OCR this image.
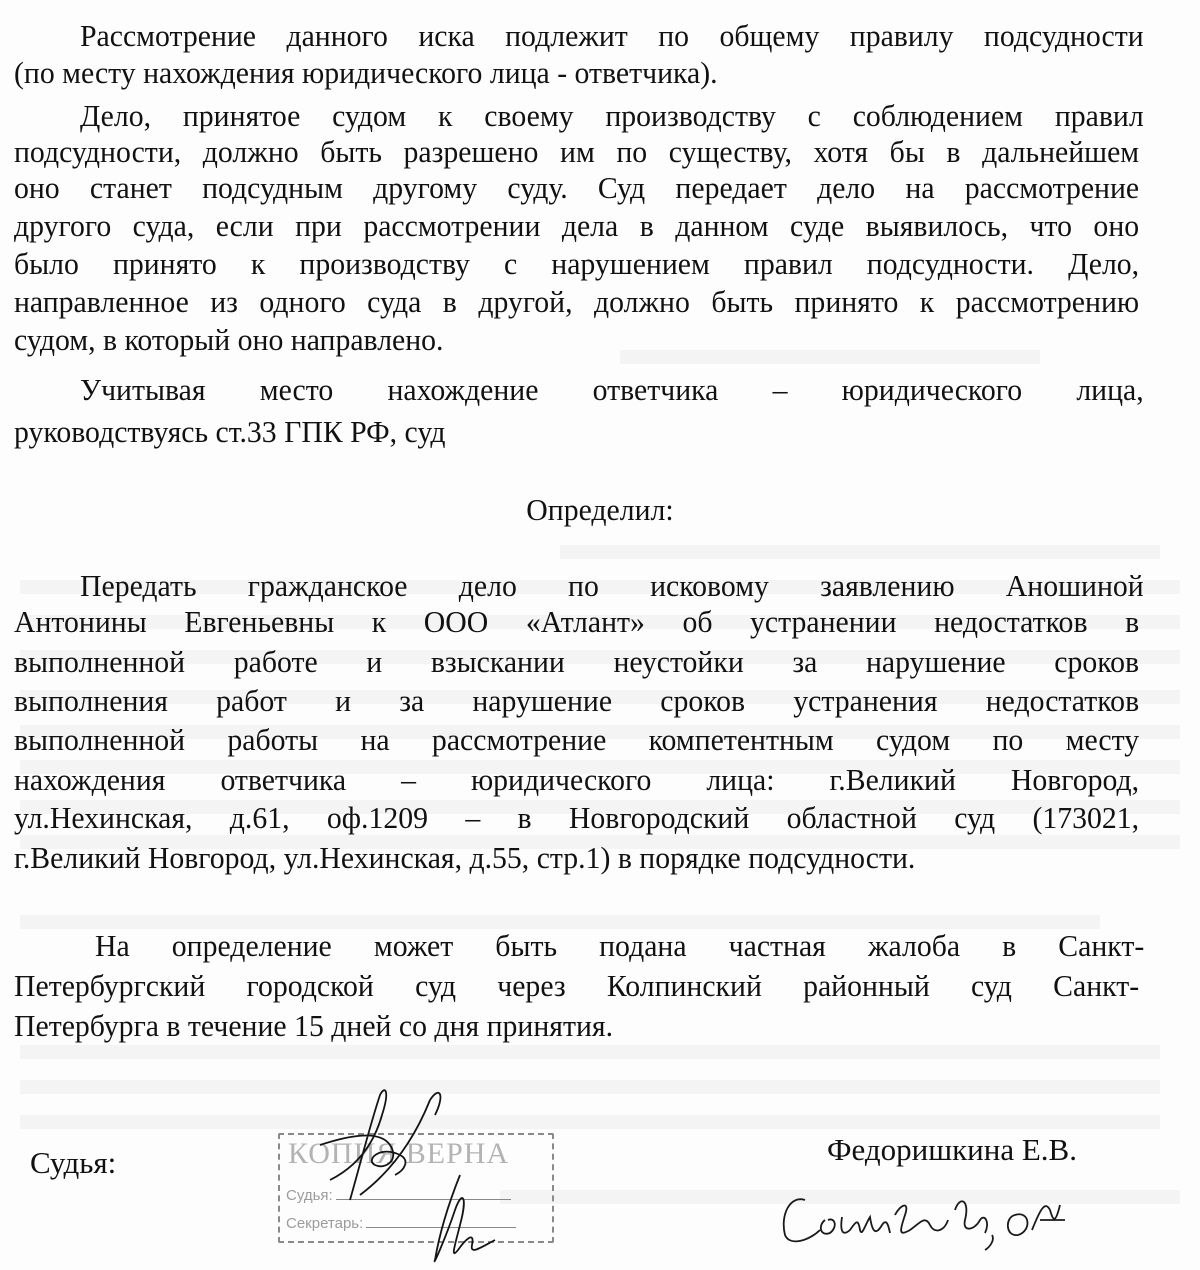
Рассмотрение данного иска подлежит по общему правилу подсудности
(по месту нахождения юридического лица - ответчика).
Дело, принятое судом к своему производству с соблюдением правил
подсудности, должно быть разрешено им по существу, хотя бы в дальнейшем
оно станет подсудным другому суду. Суд передает дело на рассмотрение
другого суда, если при рассмотрении дела в данном суде выявилось, что оно
было принято к производству с нарушением правил подсудности. Дело,
направленное из одного суда в другой, должно быть принято к рассмотрению
судом, в который оно направлено.
Учитывая место нахождение ответчика – юридического лица,
руководствуясь ст.33 ГПК РФ, суд
Определил:
Передать гражданское дело по исковому заявлению Аношиной
Антонины Евгеньевны к ООО «Атлант» об устранении недостатков в
выполненной работе и взыскании неустойки за нарушение сроков
выполнения работ и за нарушение сроков устранения недостатков
выполненной работы на рассмотрение компетентным судом по месту
нахождения ответчика – юридического лица: г.Великий Новгород,
ул.Нехинская, д.61, оф.1209 – в Новгородский областной суд (173021,
г.Великий Новгород, ул.Нехинская, д.55, стр.1) в порядке подсудности.
На определение может быть подана частная жалоба в Санкт-
Петербургский городской суд через Колпинский районный суд Санкт-
Петербурга в течение 15 дней со дня принятия.
Судья:	Федоришкина Е.В.
КОПИЯ ВЕРНА
Судья:
Секретарь:
